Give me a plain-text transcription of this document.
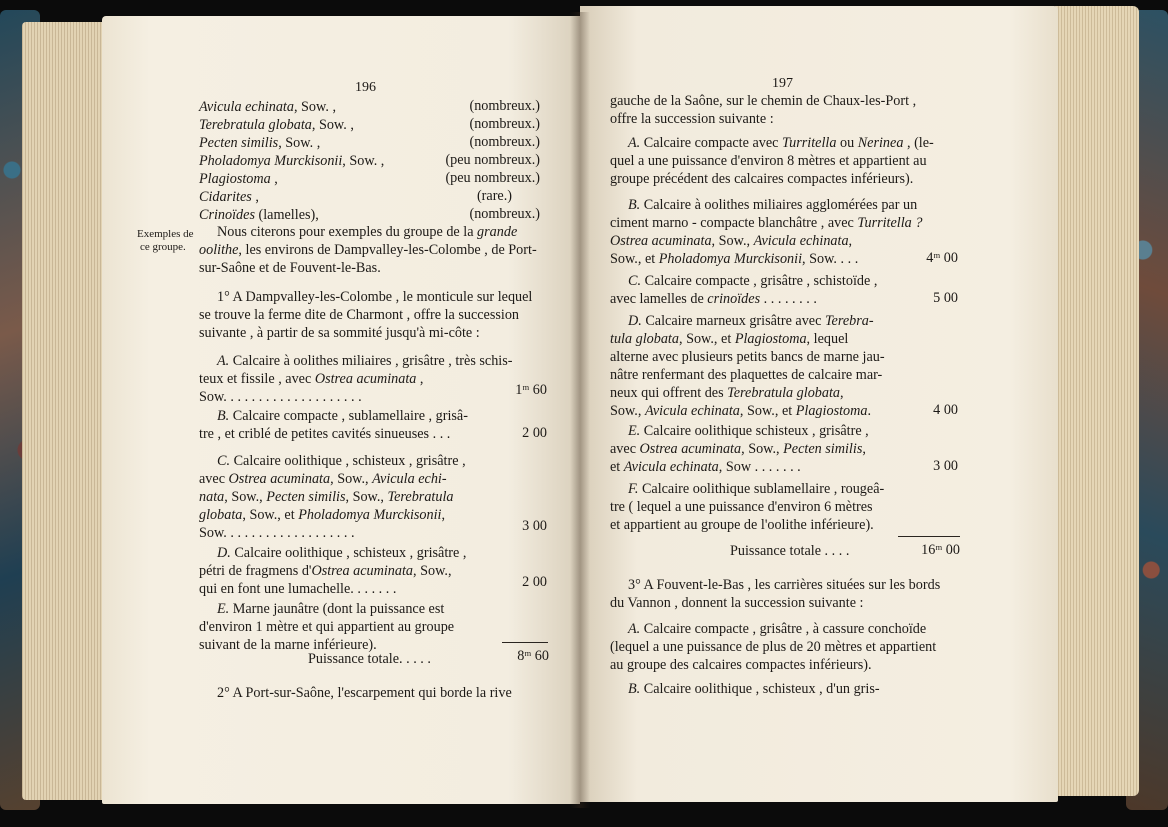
196
Avicula echinata, Sow. ,	(nombreux.)
Terebratula globata, Sow. ,	(nombreux.)
Pecten similis, Sow. ,	(nombreux.)
Pholadomya Murckisonii, Sow. ,	(peu nombreux.)
Plagiostoma ,	(peu nombreux.)
Cidarites ,	(rare.)
Crinoïdes (lamelles),	(nombreux.)
Exemples de
ce groupe.
Nous citerons pour exemples du groupe de la grande
oolithe, les environs de Dampvalley-les-Colombe , de Port-
sur-Saône et de Fouvent-le-Bas.
1° A Dampvalley-les-Colombe , le monticule sur lequel
se trouve la ferme dite de Charmont , offre la succession
suivante , à partir de sa sommité jusqu'à mi-côte :
A. Calcaire à oolithes miliaires , grisâtre , très schis-
teux et fissile , avec Ostrea acuminata ,
Sow. . . . . . . . . . . . . . . . . . . .	1ᵐ 60
B. Calcaire compacte , sublamellaire , grisâ-
tre , et criblé de petites cavités sinueuses . . .	2 00
C. Calcaire oolithique , schisteux , grisâtre ,
avec Ostrea acuminata, Sow., Avicula echi-
nata, Sow., Pecten similis, Sow., Terebratula
globata, Sow., et Pholadomya Murckisonii,
Sow. . . . . . . . . . . . . . . . . . .	3 00
D. Calcaire oolithique , schisteux , grisâtre ,
pétri de fragmens d'Ostrea acuminata, Sow.,
qui en font une lumachelle. . . . . . .	2 00
E. Marne jaunâtre (dont la puissance est
d'environ 1 mètre et qui appartient au groupe
suivant de la marne inférieure).
Puissance totale. . . . .	8ᵐ 60
2° A Port-sur-Saône, l'escarpement qui borde la rive
197
gauche de la Saône, sur le chemin de Chaux-les-Port ,
offre la succession suivante :
A. Calcaire compacte avec Turritella ou Nerinea , (le-
quel a une puissance d'environ 8 mètres et appartient au
groupe précédent des calcaires compactes inférieurs).
B. Calcaire à oolithes miliaires agglomérées par un
ciment marno - compacte blanchâtre , avec Turritella ?
Ostrea acuminata, Sow., Avicula echinata,
Sow., et Pholadomya Murckisonii, Sow. . . .	4ᵐ 00
C. Calcaire compacte , grisâtre , schistoïde ,
avec lamelles de crinoïdes . . . . . . . .	5 00
D. Calcaire marneux grisâtre avec Terebra-
tula globata, Sow., et Plagiostoma, lequel
alterne avec plusieurs petits bancs de marne jau-
nâtre renfermant des plaquettes de calcaire mar-
neux qui offrent des Terebratula globata,
Sow., Avicula echinata, Sow., et Plagiostoma.	4 00
E. Calcaire oolithique schisteux , grisâtre ,
avec Ostrea acuminata, Sow., Pecten similis,
et Avicula echinata, Sow . . . . . . .	3 00
F. Calcaire oolithique sublamellaire , rougeâ-
tre ( lequel a une puissance d'environ 6 mètres
et appartient au groupe de l'oolithe inférieure).
Puissance totale . . . .	16ᵐ 00
3° A Fouvent-le-Bas , les carrières situées sur les bords
du Vannon , donnent la succession suivante :
A. Calcaire compacte , grisâtre , à cassure conchoïde
(lequel a une puissance de plus de 20 mètres et appartient
au groupe des calcaires compactes inférieurs).
B. Calcaire oolithique , schisteux , d'un gris-
